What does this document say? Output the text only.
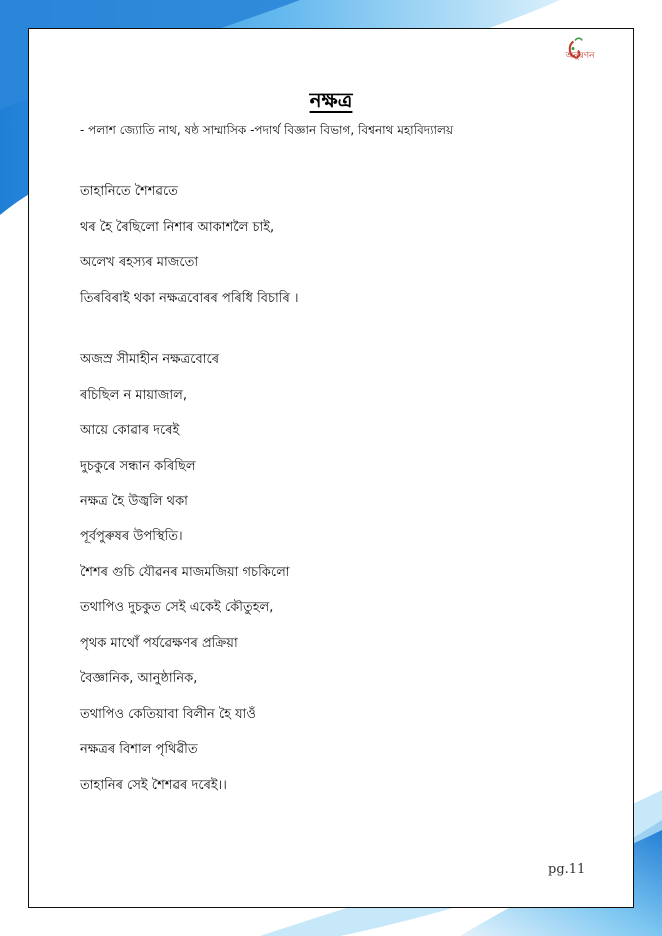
অনুৰণন
নক্ষত্ৰ
- পলাশ জ্যোতি নাথ, ষষ্ঠ সাম্মাসিক -পদাৰ্থ বিজ্ঞান বিভাগ, বিশ্বনাথ মহাবিদ্যালয়
তাহানিতে শৈশৱতে
থৰ হৈ ৰৈছিলো নিশাৰ আকাশলৈ চাই,
অলেখ ৰহস্যৰ মাজতো
তিৰবিৰাই থকা নক্ষত্ৰবোৰৰ পৰিধি বিচাৰি ।
অজস্ৰ সীমাহীন নক্ষত্ৰবোৰে
ৰচিছিল ন মায়াজাল,
আয়ে কোৱাৰ দৰেই
দুচকুৰে সন্ধান কৰিছিল
নক্ষত্ৰ হৈ উজ্বলি থকা
পূৰ্বপুৰুষৰ উপস্থিতি।
শৈশৰ গুচি যৌৱনৰ মাজমজিয়া গচকিলো
তথাপিও দুচকুত সেই একেই কৌতুহল,
পৃথক মাথোঁ পৰ্যৱেক্ষণৰ প্ৰক্ৰিয়া
বৈজ্ঞানিক, আনুষ্ঠানিক,
তথাপিও কেতিয়াবা বিলীন হৈ যাওঁ
নক্ষত্ৰৰ বিশাল পৃথিৱীত
তাহানিৰ সেই শৈশৱৰ দৰেই।।
pg.11
